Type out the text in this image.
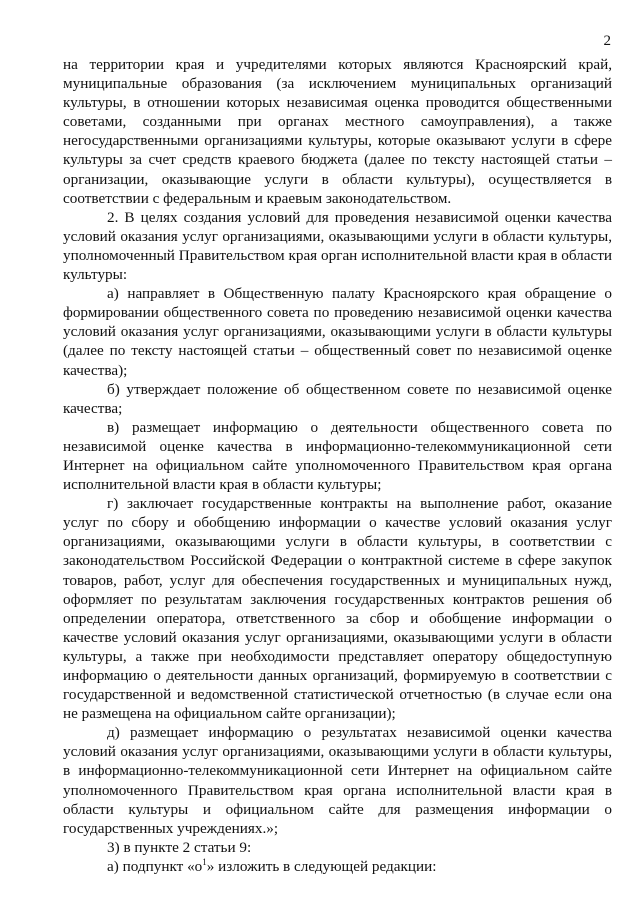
2

на территории края и учредителями которых являются Красноярский край, муниципальные образования (за исключением муниципальных организаций культуры, в отношении которых независимая оценка проводится общественными советами, созданными при органах местного самоуправления), а также негосударственными организациями культуры, которые оказывают услуги в сфере культуры за счет средств краевого бюджета (далее по тексту настоящей статьи – организации, оказывающие услуги в области культуры), осуществляется в соответствии с федеральным и краевым законодательством.

2. В целях создания условий для проведения независимой оценки качества условий оказания услуг организациями, оказывающими услуги в области культуры, уполномоченный Правительством края орган исполнительной власти края в области культуры:

а) направляет в Общественную палату Красноярского края обращение о формировании общественного совета по проведению независимой оценки качества условий оказания услуг организациями, оказывающими услуги в области культуры (далее по тексту настоящей статьи – общественный совет по независимой оценке качества);

б) утверждает положение об общественном совете по независимой оценке качества;

в) размещает информацию о деятельности общественного совета по независимой оценке качества в информационно-телекоммуникационной сети Интернет на официальном сайте уполномоченного Правительством края органа исполнительной власти края в области культуры;

г) заключает государственные контракты на выполнение работ, оказание услуг по сбору и обобщению информации о качестве условий оказания услуг организациями, оказывающими услуги в области культуры, в соответствии с законодательством Российской Федерации о контрактной системе в сфере закупок товаров, работ, услуг для обеспечения государственных и муниципальных нужд, оформляет по результатам заключения государственных контрактов решения об определении оператора, ответственного за сбор и обобщение информации о качестве условий оказания услуг организациями, оказывающими услуги в области культуры, а также при необходимости представляет оператору общедоступную информацию о деятельности данных организаций, формируемую в соответствии с государственной и ведомственной статистической отчетностью (в случае если она не размещена на официальном сайте организации);

д) размещает информацию о результатах независимой оценки качества условий оказания услуг организациями, оказывающими услуги в области культуры, в информационно-телекоммуникационной сети Интернет на официальном сайте уполномоченного Правительством края органа исполнительной власти края в области культуры и официальном сайте для размещения информации о государственных учреждениях.»;

3) в пункте 2 статьи 9:

а) подпункт «$о^1$» изложить в следующей редакции:
